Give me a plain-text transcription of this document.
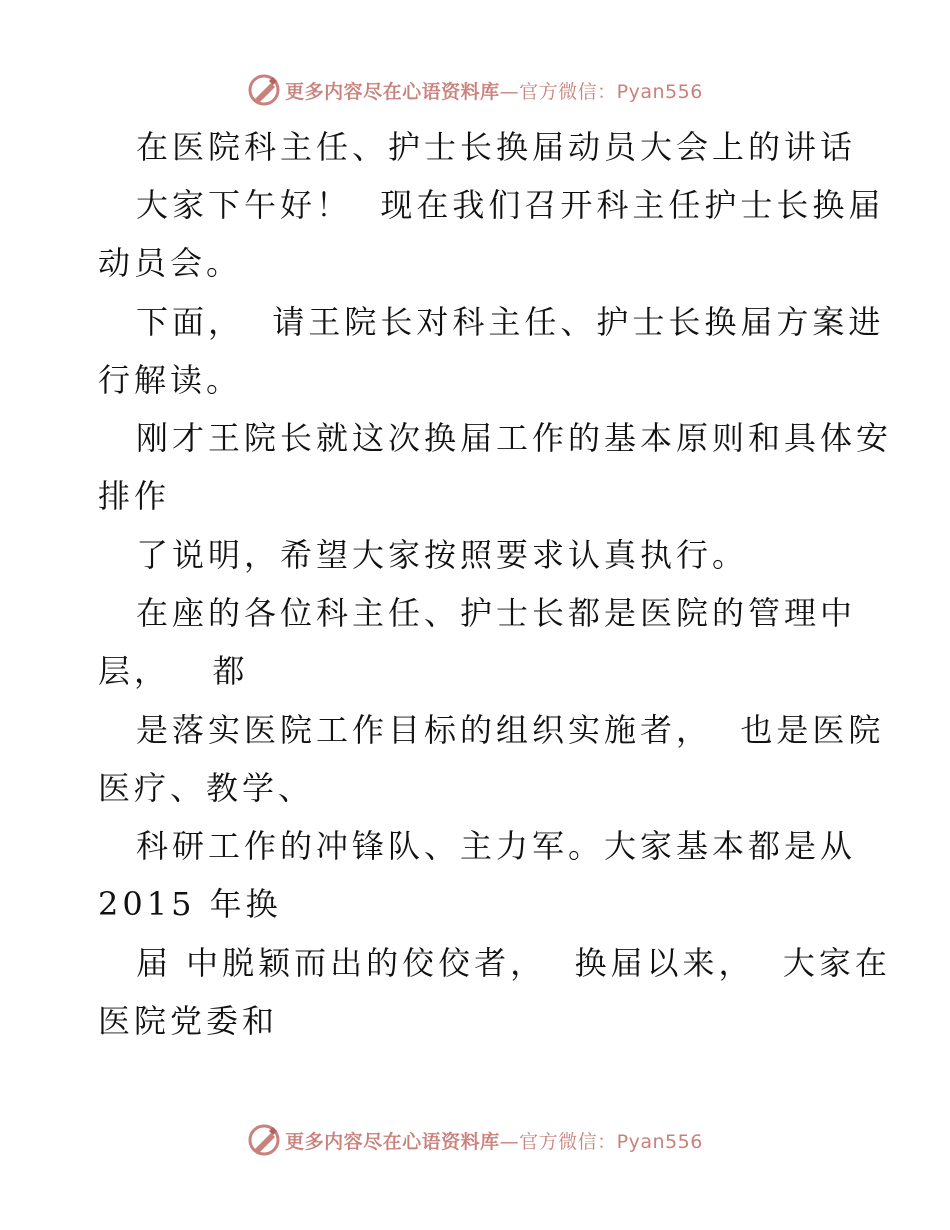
更多内容尽在心语资料库—官方微信：Pyan556
在医院科主任、护士长换届动员大会上的讲话
大家下午好！  现在我们召开科主任护士长换届
动员会。
下面，  请王院长对科主任、护士长换届方案进
行解读。
刚才王院长就这次换届工作的基本原则和具体安
排作
了说明，希望大家按照要求认真执行。
在座的各位科主任、护士长都是医院的管理中
层，   都
是落实医院工作目标的组织实施者，  也是医院
医疗、教学、
科研工作的冲锋队、主力军。大家基本都是从
2015 年换
届 中脱颖而出的佼佼者，  换届以来，  大家在
医院党委和
更多内容尽在心语资料库—官方微信：Pyan556
